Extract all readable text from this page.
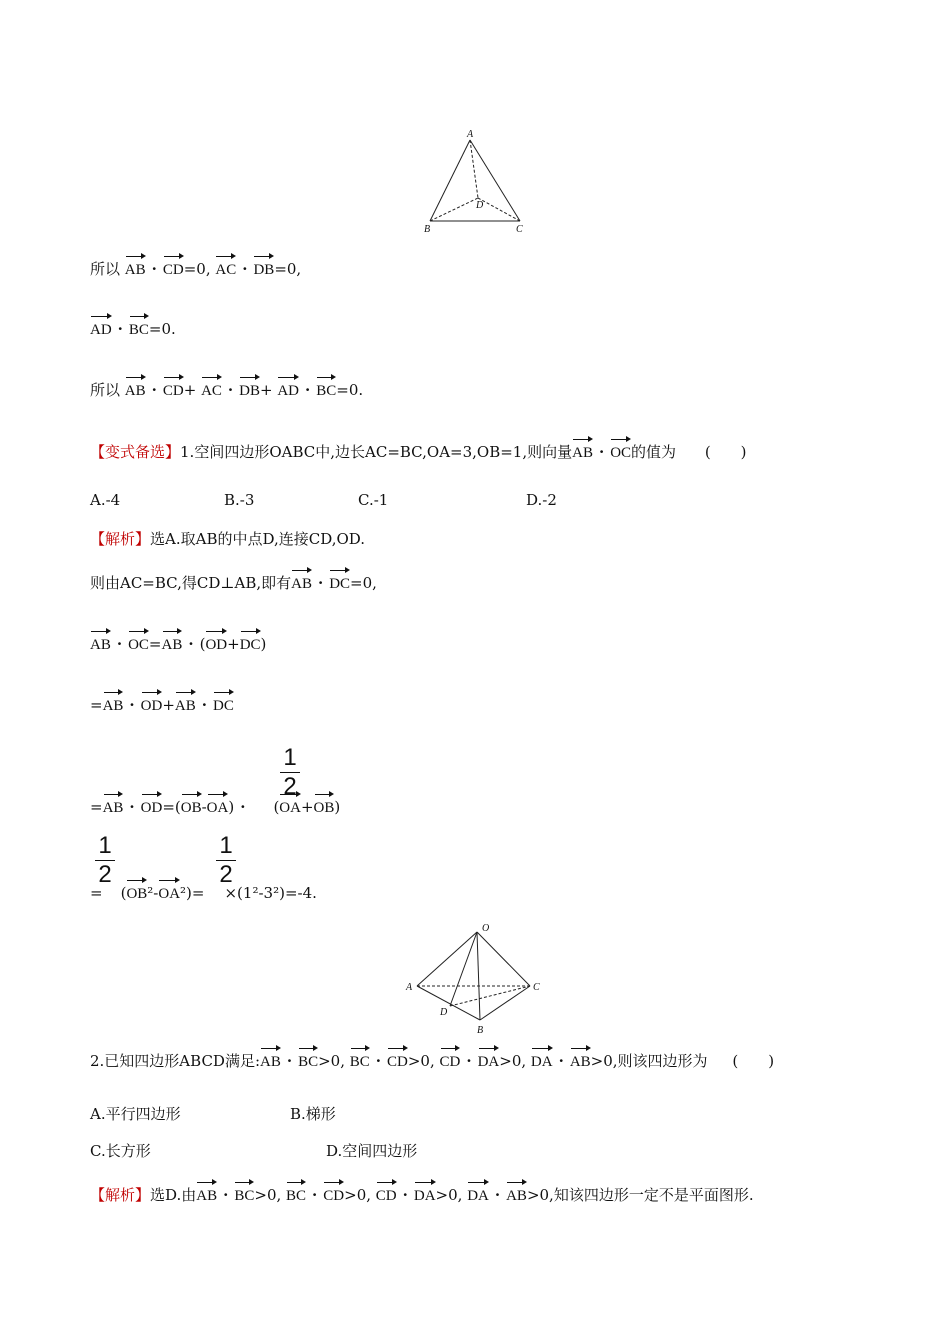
A
B	C
D
所以 AB · CD=0, AC · DB=0,
AD · BC=0.
所以 AB · CD+ AC · DB+ AD · BC=0.
【变式备选】1.空间四边形OABC中,边长AC=BC,OA=3,OB=1,则向量AB · OC的值为 (　　)
A.-4	B.-3	C.-1	D.-2
【解析】选A.取AB的中点D,连接CD,OD.
则由AC=BC,得CD⊥AB,即有AB · DC=0,
AB · OC=AB · (OD+DC)
=AB · OD+AB · DC
1
2
=AB · OD=(OB-OA) · (OA+OB)
1
2
1
2
= (OB²-OA²)= ×(1²-3²)=-4.
O
A
B
C
D
2.已知四边形ABCD满足:AB · BC>0, BC · CD>0, CD · DA>0, DA · AB>0,则该四边形为 (　　)
A.平行四边形	B.梯形
C.长方形	D.空间四边形
【解析】选D.由AB · BC>0, BC · CD>0, CD · DA>0, DA · AB>0,知该四边形一定不是平面图形.
